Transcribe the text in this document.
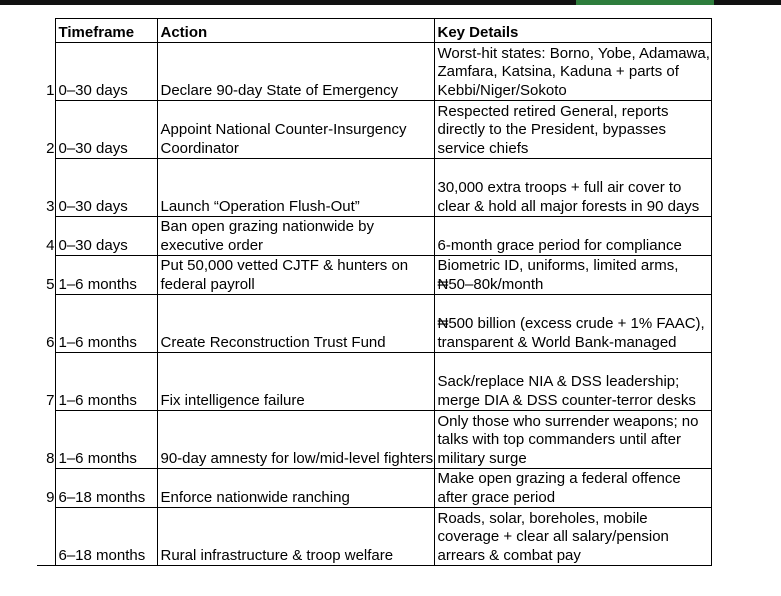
	Timeframe	Action	Key Details
1	0–30 days	Declare 90-day State of Emergency	Worst-hit states: Borno, Yobe, Adamawa, Zamfara, Katsina, Kaduna + parts of Kebbi/Niger/Sokoto
2	0–30 days	Appoint National Counter-Insurgency Coordinator	Respected retired General, reports directly to the President, bypasses service chiefs
3	0–30 days	Launch “Operation Flush-Out”	30,000 extra troops + full air cover to clear & hold all major forests in 90 days
4	0–30 days	Ban open grazing nationwide by executive order	6-month grace period for compliance
5	1–6 months	Put 50,000 vetted CJTF & hunters on federal payroll	Biometric ID, uniforms, limited arms, ₦50–80k/month
6	1–6 months	Create Reconstruction Trust Fund	₦500 billion (excess crude + 1% FAAC), transparent & World Bank-managed
7	1–6 months	Fix intelligence failure	Sack/replace NIA & DSS leadership; merge DIA & DSS counter-terror desks
8	1–6 months	90-day amnesty for low/mid-level fighters	Only those who surrender weapons; no talks with top commanders until after military surge
9	6–18 months	Enforce nationwide ranching	Make open grazing a federal offence after grace period
	6–18 months	Rural infrastructure & troop welfare	Roads, solar, boreholes, mobile coverage + clear all salary/pension arrears & combat pay
